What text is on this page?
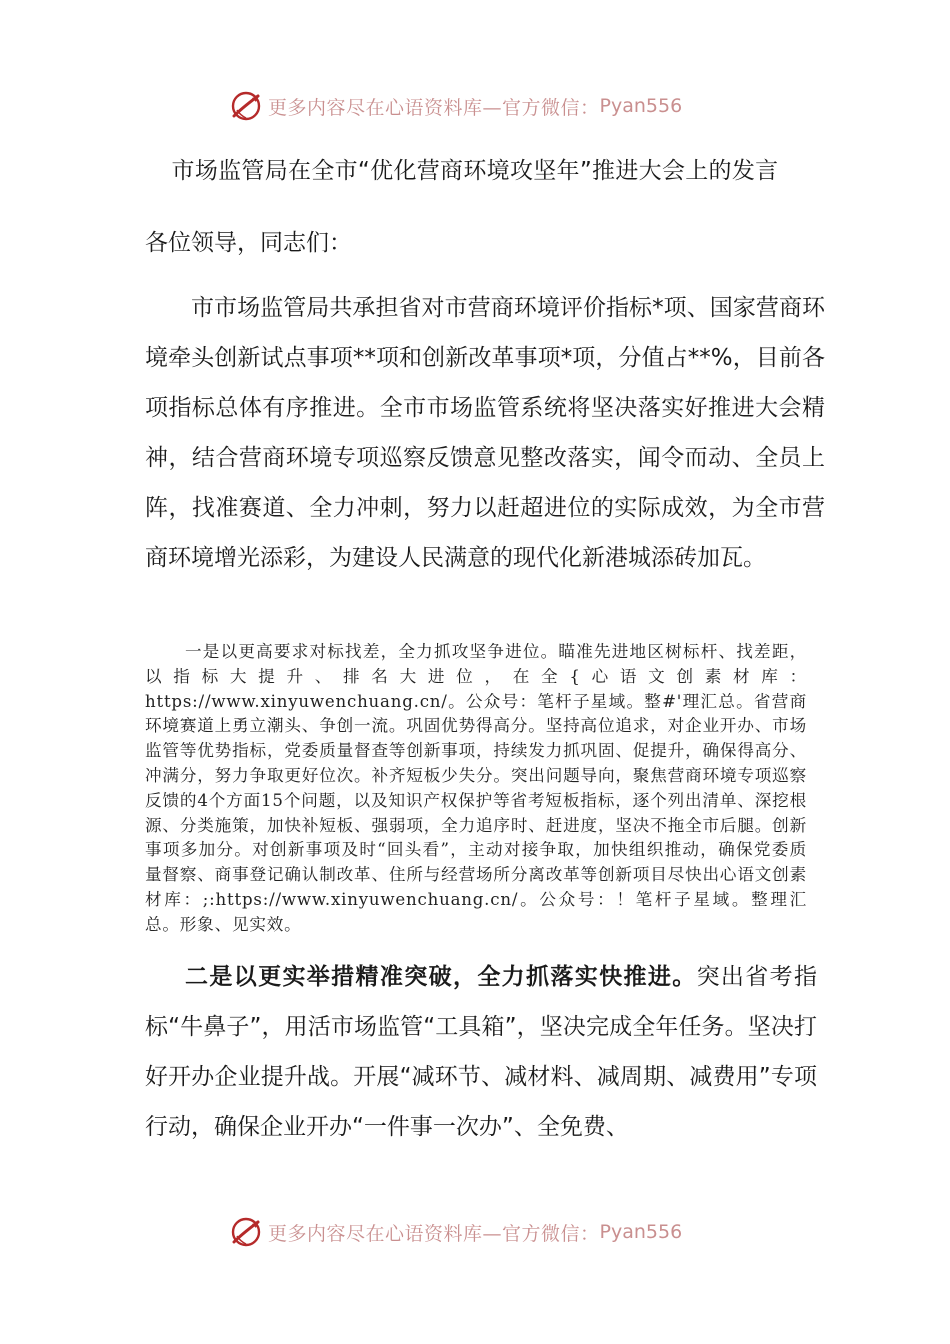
更多内容尽在心语资料库—官方微信： Pyan556
市场监管局在全市“优化营商环境攻坚年”推进大会上的发言
各位领导，同志们：
市市场监管局共承担省对市营商环境评价指标*项、国家营商环境牵头创新试点事项**项和创新改革事项*项，分值占**%，目前各项指标总体有序推进。全市市场监管系统将坚决落实好推进大会精神，结合营商环境专项巡察反馈意见整改落实，闻令而动、全员上阵，找准赛道、全力冲刺，努力以赶超进位的实际成效，为全市营商环境增光添彩，为建设人民满意的现代化新港城添砖加瓦。
一是以更高要求对标找差，全力抓攻坚争进位。瞄准先进地区树标杆、找差距，以指标大提升、排名大进位，在全{心语文创素材库：https://www.xinyuwenchuang.cn/。公众号：笔杆子星域。整#'理汇总。省营商环境赛道上勇立潮头、争创一流。巩固优势得高分。坚持高位追求，对企业开办、市场监管等优势指标，党委质量督查等创新事项，持续发力抓巩固、促提升，确保得高分、冲满分，努力争取更好位次。补齐短板少失分。突出问题导向，聚焦营商环境专项巡察反馈的4个方面15个问题，以及知识产权保护等省考短板指标，逐个列出清单、深挖根源、分类施策，加快补短板、强弱项，全力追序时、赶进度，坚决不拖全市后腿。创新事项多加分。对创新事项及时“回头看”，主动对接争取，加快组织推动，确保党委质量督察、商事登记确认制改革、住所与经营场所分离改革等创新项目尽快出心语文创素材库：;:https://www.xinyuwenchuang.cn/。公众号：！笔杆子星域。整理汇总。形象、见实效。
二是以更实举措精准突破，全力抓落实快推进。突出省考指标“牛鼻子”，用活市场监管“工具箱”，坚决完成全年任务。坚决打好开办企业提升战。开展“减环节、减材料、减周期、减费用”专项行动，确保企业开办“一件事一次办”、全免费、
更多内容尽在心语资料库—官方微信： Pyan556
